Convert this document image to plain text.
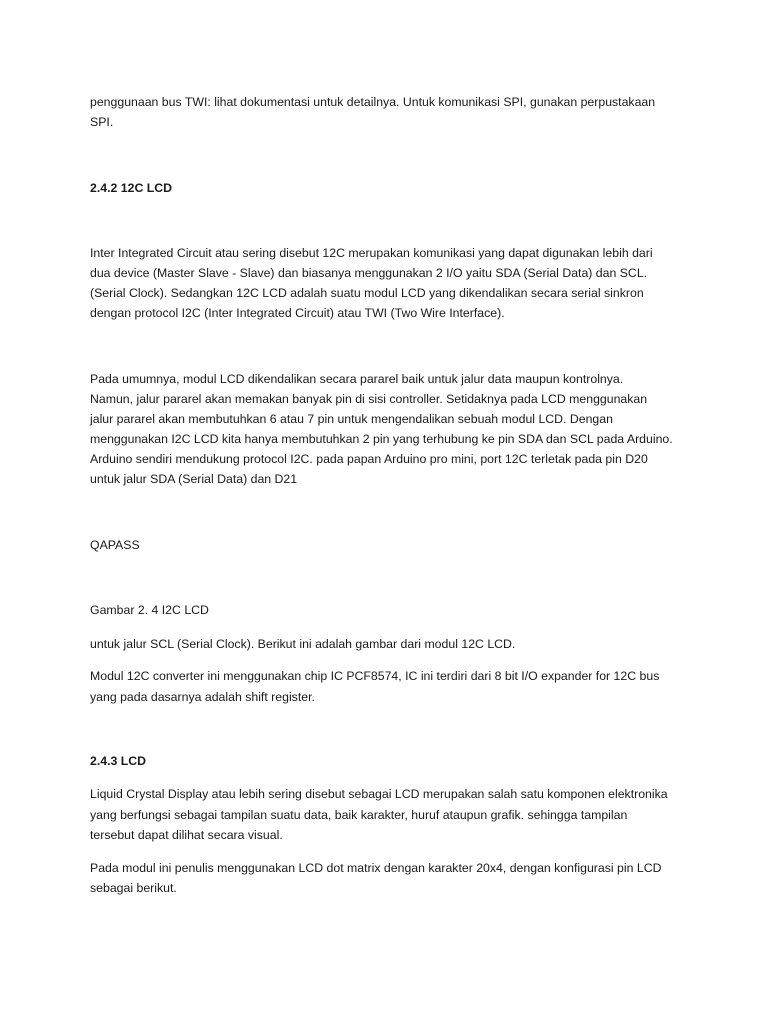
penggunaan bus TWI: lihat dokumentasi untuk detailnya. Untuk komunikasi SPI, gunakan perpustakaan
SPI.
2.4.2 12C LCD
Inter Integrated Circuit atau sering disebut 12C merupakan komunikasi yang dapat digunakan lebih dari
dua device (Master Slave - Slave) dan biasanya menggunakan 2 I/O yaitu SDA (Serial Data) dan SCL.
(Serial Clock). Sedangkan 12C LCD adalah suatu modul LCD yang dikendalikan secara serial sinkron
dengan protocol I2C (Inter Integrated Circuit) atau TWI (Two Wire Interface).
Pada umumnya, modul LCD dikendalikan secara pararel baik untuk jalur data maupun kontrolnya.
Namun, jalur pararel akan memakan banyak pin di sisi controller. Setidaknya pada LCD menggunakan
jalur pararel akan membutuhkan 6 atau 7 pin untuk mengendalikan sebuah modul LCD. Dengan
menggunakan I2C LCD kita hanya membutuhkan 2 pin yang terhubung ke pin SDA dan SCL pada Arduino.
Arduino sendiri mendukung protocol I2C. pada papan Arduino pro mini, port 12C terletak pada pin D20
untuk jalur SDA (Serial Data) dan D21
QAPASS
Gambar 2. 4 I2C LCD
untuk jalur SCL (Serial Clock). Berikut ini adalah gambar dari modul 12C LCD.
Modul 12C converter ini menggunakan chip IC PCF8574, IC ini terdiri dari 8 bit I/O expander for 12C bus
yang pada dasarnya adalah shift register.
2.4.3 LCD
Liquid Crystal Display atau lebih sering disebut sebagai LCD merupakan salah satu komponen elektronika
yang berfungsi sebagai tampilan suatu data, baik karakter, huruf ataupun grafik. sehingga tampilan
tersebut dapat dilihat secara visual.
Pada modul ini penulis menggunakan LCD dot matrix dengan karakter 20x4, dengan konfigurasi pin LCD
sebagai berikut.
